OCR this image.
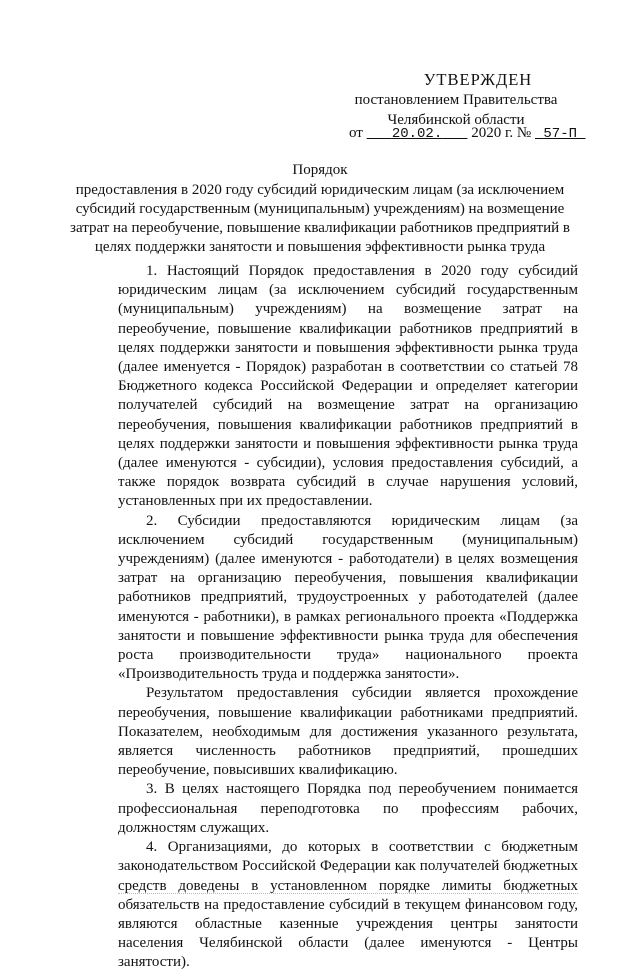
УТВЕРЖДЕН
постановлением Правительства
Челябинской области
от 20.02. 2020 г. № 57-П
Порядок
предоставления в 2020 году субсидий юридическим лицам (за исключением субсидий государственным (муниципальным) учреждениям) на возмещение затрат на переобучение, повышение квалификации работников предприятий в целях поддержки занятости и повышения эффективности рынка труда

1. Настоящий Порядок предоставления в 2020 году субсидий юридическим лицам (за исключением субсидий государственным (муниципальным) учреждениям) на возмещение затрат на переобучение, повышение квалификации работников предприятий в целях поддержки занятости и повышения эффективности рынка труда (далее именуется - Порядок) разработан в соответствии со статьей 78 Бюджетного кодекса Российской Федерации и определяет категории получателей субсидий на возмещение затрат на организацию переобучения, повышения квалификации работников предприятий в целях поддержки занятости и повышения эффективности рынка труда (далее именуются - субсидии), условия предоставления субсидий, а также порядок возврата субсидий в случае нарушения условий, установленных при их предоставлении.

2. Субсидии предоставляются юридическим лицам (за исключением субсидий государственным (муниципальным) учреждениям) (далее именуются - работодатели) в целях возмещения затрат на организацию переобучения, повышения квалификации работников предприятий, трудоустроенных у работодателей (далее именуются - работники), в рамках регионального проекта «Поддержка занятости и повышение эффективности рынка труда для обеспечения роста производительности труда» национального проекта «Производительность труда и поддержка занятости».

Результатом предоставления субсидии является прохождение переобучения, повышение квалификации работниками предприятий. Показателем, необходимым для достижения указанного результата, является численность работников предприятий, прошедших переобучение, повысивших квалификацию.

3. В целях настоящего Порядка под переобучением понимается профессиональная переподготовка по профессиям рабочих, должностям служащих.

4. Организациями, до которых в соответствии с бюджетным законодательством Российской Федерации как получателей бюджетных средств доведены в установленном порядке лимиты бюджетных обязательств на предоставление субсидий в текущем финансовом году, являются областные казенные учреждения центры занятости населения Челябинской области (далее именуются - Центры занятости).
